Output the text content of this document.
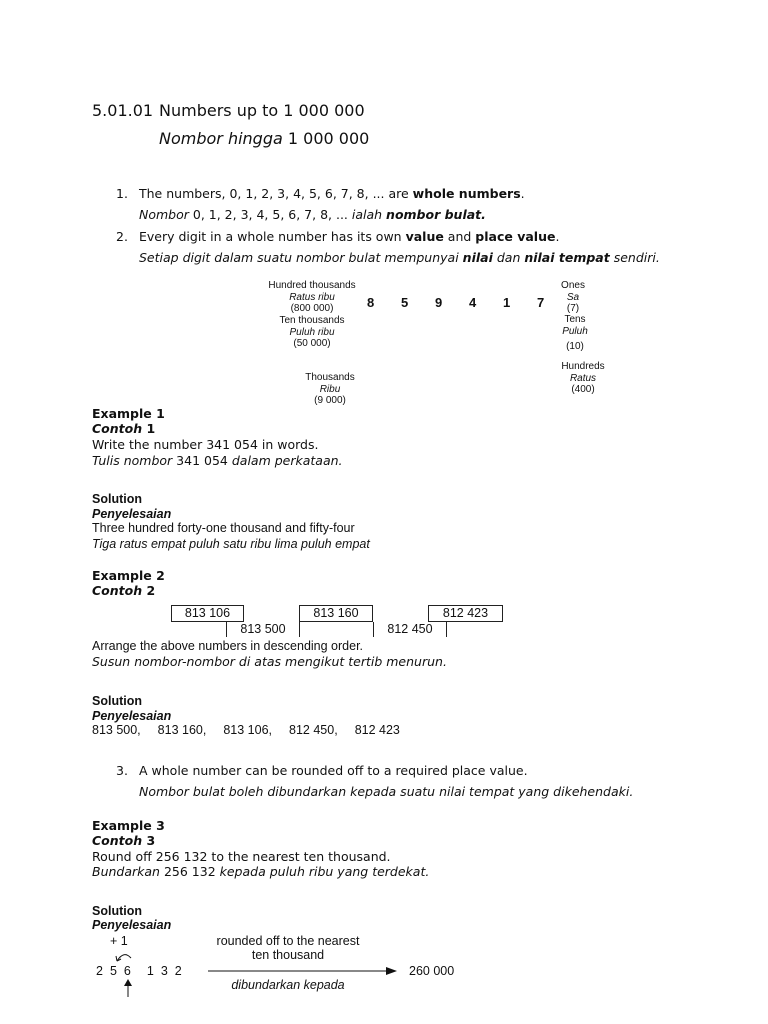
5.01.01 Numbers up to 1 000 000
Nombor hingga 1 000 000
1. The numbers, 0, 1, 2, 3, 4, 5, 6, 7, 8, ... are whole numbers.
Nombor 0, 1, 2, 3, 4, 5, 6, 7, 8, ... ialah nombor bulat.
2. Every digit in a whole number has its own value and place value.
Setiap digit dalam suatu nombor bulat mempunyai nilai dan nilai tempat sendiri.
Hundred thousands
Ratus ribu
(800 000)
Ten thousands
Puluh ribu
(50 000)
Thousands
Ribu
(9 000)
8 5 9 4 1 7
Ones
Sa
(7)
Tens
Puluh
(10)
Hundreds
Ratus
(400)
Example 1
Contoh 1
Write the number 341 054 in words.
Tulis nombor 341 054 dalam perkataan.
Solution
Penyelesaian
Three hundred forty-one thousand and fifty-four
Tiga ratus empat puluh satu ribu lima puluh empat
Example 2
Contoh 2
813 106	813 160	812 423
813 500	812 450
Arrange the above numbers in descending order.
Susun nombor-nombor di atas mengikut tertib menurun.
Solution
Penyelesaian
813 500, 813 160, 813 106, 812 450, 812 423
3. A whole number can be rounded off to a required place value.
Nombor bulat boleh dibundarkan kepada suatu nilai tempat yang dikehendaki.
Example 3
Contoh 3
Round off 256 132 to the nearest ten thousand.
Bundarkan 256 132 kepada puluh ribu yang terdekat.
Solution
Penyelesaian
+ 1
2 5 6 1 3 2
rounded off to the nearest
ten thousand
dibundarkan kepada
260 000
